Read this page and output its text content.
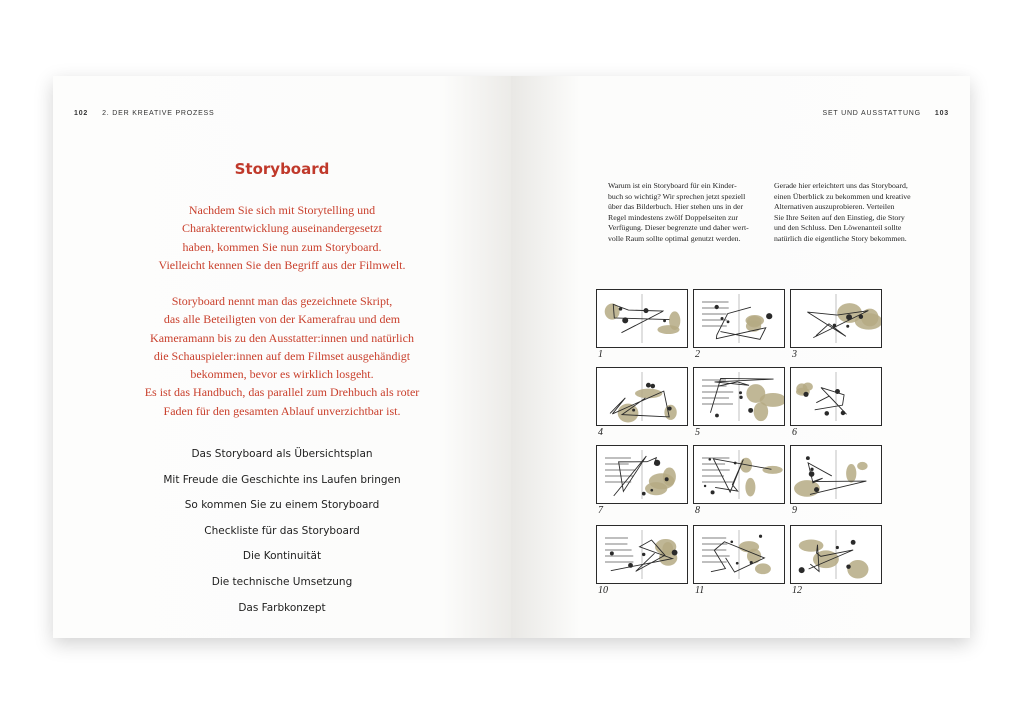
102 2. DER KREATIVE PROZESS
Storyboard
Nachdem Sie sich mit Storytelling und
Charakterentwicklung auseinandergesetzt
haben, kommen Sie nun zum Storyboard.
Vielleicht kennen Sie den Begriff aus der Filmwelt.
Storyboard nennt man das gezeichnete Skript,
das alle Beteiligten von der Kamerafrau und dem
Kameramann bis zu den Ausstatter:innen und natürlich
die Schauspieler:innen auf dem Filmset ausgehändigt
bekommen, bevor es wirklich losgeht.
Es ist das Handbuch, das parallel zum Drehbuch als roter
Faden für den gesamten Ablauf unverzichtbar ist.
Das Storyboard als Übersichtsplan
Mit Freude die Geschichte ins Laufen bringen
So kommen Sie zu einem Storyboard
Checkliste für das Storyboard
Die Kontinuität
Die technische Umsetzung
Das Farbkonzept
SET UND AUSSTATTUNG 103
Warum ist ein Storyboard für ein Kinder-
buch so wichtig? Wir sprechen jetzt speziell
über das Bilderbuch. Hier stehen uns in der
Regel mindestens zwölf Doppelseiten zur
Verfügung. Dieser begrenzte und daher wert-
volle Raum sollte optimal genutzt werden.
Gerade hier erleichtert uns das Storyboard,
einen Überblick zu bekommen und kreative
Alternativen auszuprobieren. Verteilen
Sie Ihre Seiten auf den Einstieg, die Story
und den Schluss. Den Löwenanteil sollte
natürlich die eigentliche Story bekommen.
1	2	3
4	5	6
7	8	9
10	11	12
